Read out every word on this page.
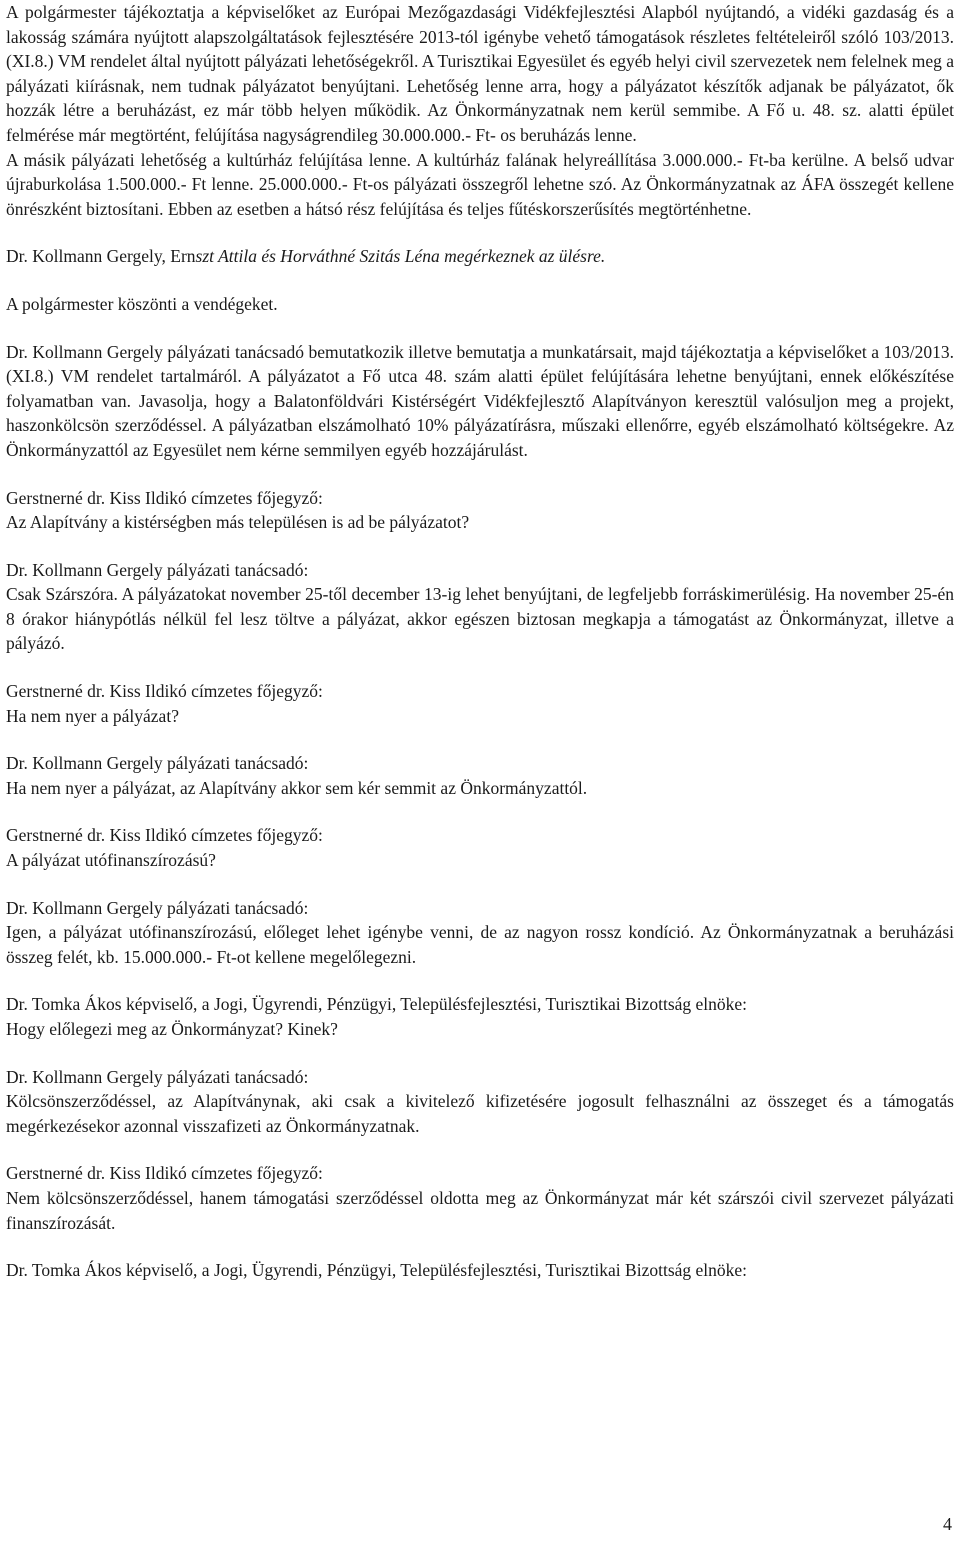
A polgármester tájékoztatja a képviselőket az Európai Mezőgazdasági Vidékfejlesztési Alapból nyújtandó, a vidéki gazdaság és a lakosság számára nyújtott alapszolgáltatások fejlesztésére 2013-tól igénybe vehető támogatások részletes feltételeiről szóló 103/2013.(XI.8.) VM rendelet által nyújtott pályázati lehetőségekről. A Turisztikai Egyesület és egyéb helyi civil szervezetek nem felelnek meg a pályázati kiírásnak, nem tudnak pályázatot benyújtani. Lehetőség lenne arra, hogy a pályázatot készítők adjanak be pályázatot, ők hozzák létre a beruházást, ez már több helyen működik. Az Önkormányzatnak nem kerül semmibe. A Fő u. 48. sz. alatti épület felmérése már megtörtént, felújítása nagyságrendileg 30.000.000.- Ft- os beruházás lenne.

A másik pályázati lehetőség a kultúrház felújítása lenne. A kultúrház falának helyreállítása 3.000.000.- Ft-ba kerülne. A belső udvar újraburkolása 1.500.000.- Ft lenne. 25.000.000.- Ft-os pályázati összegről lehetne szó. Az Önkormányzatnak az ÁFA összegét kellene önrészként biztosítani. Ebben az esetben a hátsó rész felújítása és teljes fűtéskorszerűsítés megtörténhetne.

Dr. Kollmann Gergely, Ernszt Attila és Horváthné Szitás Léna megérkeznek az ülésre.

A polgármester köszönti a vendégeket.

Dr. Kollmann Gergely pályázati tanácsadó bemutatkozik illetve bemutatja a munkatársait, majd tájékoztatja a képviselőket a 103/2013.(XI.8.) VM rendelet tartalmáról. A pályázatot a Fő utca 48. szám alatti épület felújítására lehetne benyújtani, ennek előkészítése folyamatban van. Javasolja, hogy a Balatonföldvári Kistérségért Vidékfejlesztő Alapítványon keresztül valósuljon meg a projekt, haszonkölcsön szerződéssel. A pályázatban elszámolható 10% pályázatírásra, műszaki ellenőrre, egyéb elszámolható költségekre. Az Önkormányzattól az Egyesület nem kérne semmilyen egyéb hozzájárulást.

Gerstnerné dr. Kiss Ildikó címzetes főjegyző:

Az Alapítvány a kistérségben más településen is ad be pályázatot?

Dr. Kollmann Gergely pályázati tanácsadó:

Csak Szárszóra. A pályázatokat november 25-től december 13-ig lehet benyújtani, de legfeljebb forráskimerülésig. Ha november 25-én 8 órakor hiánypótlás nélkül fel lesz töltve a pályázat, akkor egészen biztosan megkapja a támogatást az Önkormányzat, illetve a pályázó.

Gerstnerné dr. Kiss Ildikó címzetes főjegyző:

Ha nem nyer a pályázat?

Dr. Kollmann Gergely pályázati tanácsadó:

Ha nem nyer a pályázat, az Alapítvány akkor sem kér semmit az Önkormányzattól.

Gerstnerné dr. Kiss Ildikó címzetes főjegyző:

A pályázat utófinanszírozású?

Dr. Kollmann Gergely pályázati tanácsadó:

Igen, a pályázat utófinanszírozású, előleget lehet igénybe venni, de az nagyon rossz kondíció. Az Önkormányzatnak a beruházási összeg felét, kb. 15.000.000.- Ft-ot kellene megelőlegezni.

Dr. Tomka Ákos képviselő, a Jogi, Ügyrendi, Pénzügyi, Településfejlesztési, Turisztikai Bizottság elnöke:

Hogy előlegezi meg az Önkormányzat? Kinek?

Dr. Kollmann Gergely pályázati tanácsadó:

Kölcsönszerződéssel, az Alapítványnak, aki csak a kivitelező kifizetésére jogosult felhasználni az összeget és a támogatás megérkezésekor azonnal visszafizeti az Önkormányzatnak.

Gerstnerné dr. Kiss Ildikó címzetes főjegyző:

Nem kölcsönszerződéssel, hanem támogatási szerződéssel oldotta meg az Önkormányzat már két szárszói civil szervezet pályázati finanszírozását.

Dr. Tomka Ákos képviselő, a Jogi, Ügyrendi, Pénzügyi, Településfejlesztési, Turisztikai Bizottság elnöke:

4
